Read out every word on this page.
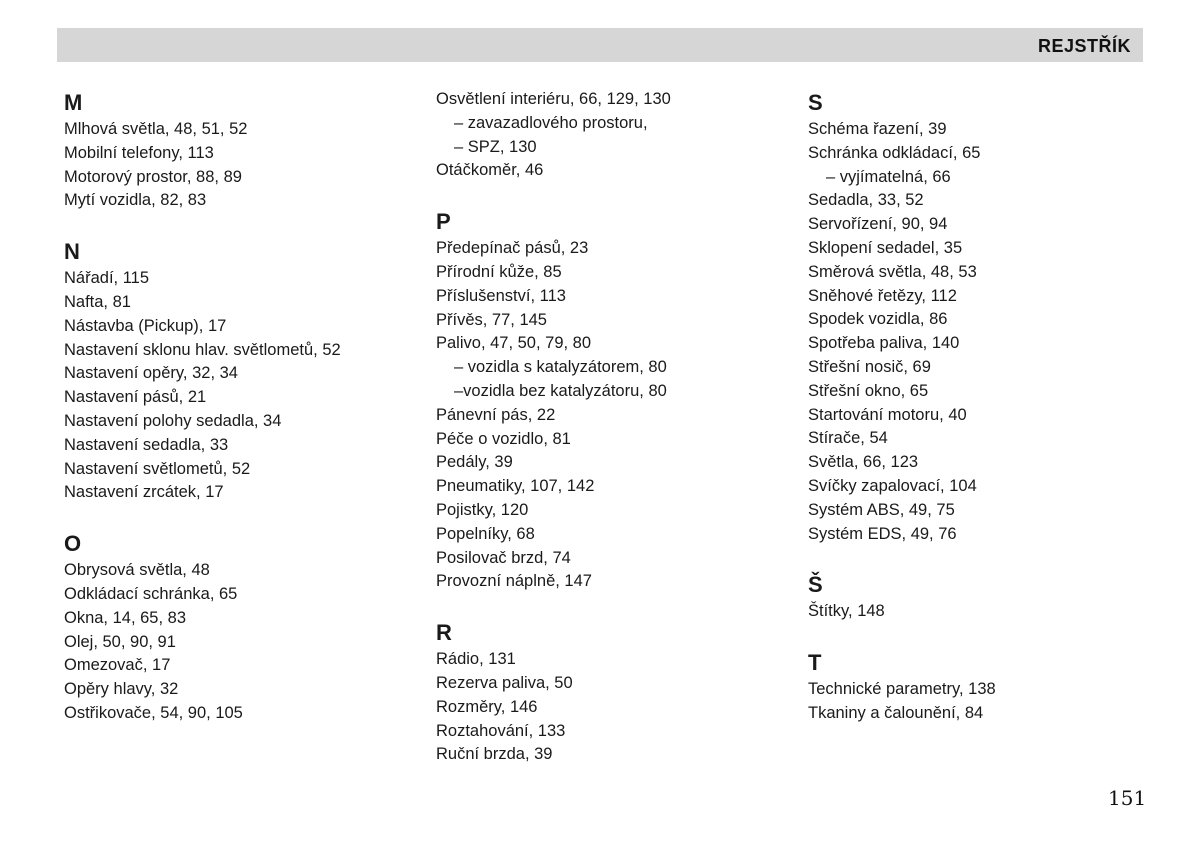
REJSTŘÍK
M
Mlhová světla, 48, 51, 52
Mobilní telefony, 113
Motorový prostor, 88, 89
Mytí vozidla, 82, 83
N
Nářadí, 115
Nafta, 81
Nástavba (Pickup), 17
Nastavení sklonu hlav. světlometů, 52
Nastavení opěry, 32, 34
Nastavení pásů, 21
Nastavení polohy sedadla, 34
Nastavení sedadla, 33
Nastavení světlometů, 52
Nastavení zrcátek, 17
O
Obrysová světla, 48
Odkládací schránka, 65
Okna, 14, 65, 83
Olej, 50, 90, 91
Omezovač, 17
Opěry hlavy, 32
Ostřikovače, 54, 90, 105
Osvětlení interiéru, 66, 129, 130
– zavazadlového prostoru,
– SPZ, 130
Otáčkoměr, 46
P
Předepínač pásů, 23
Přírodní kůže, 85
Příslušenství, 113
Přívěs, 77, 145
Palivo, 47, 50, 79, 80
– vozidla s katalyzátorem, 80
–vozidla bez katalyzátoru, 80
Pánevní pás, 22
Péče o vozidlo, 81
Pedály, 39
Pneumatiky, 107, 142
Pojistky, 120
Popelníky, 68
Posilovač brzd, 74
Provozní náplně, 147
R
Rádio, 131
Rezerva paliva, 50
Rozměry, 146
Roztahování, 133
Ruční brzda, 39
S
Schéma řazení, 39
Schránka odkládací, 65
– vyjímatelná, 66
Sedadla, 33, 52
Servořízení, 90, 94
Sklopení sedadel, 35
Směrová světla, 48, 53
Sněhové řetězy, 112
Spodek vozidla, 86
Spotřeba paliva, 140
Střešní nosič, 69
Střešní okno, 65
Startování motoru, 40
Stírače, 54
Světla, 66, 123
Svíčky zapalovací, 104
Systém ABS, 49, 75
Systém EDS, 49, 76
Š
Štítky, 148
T
Technické parametry, 138
Tkaniny a čalounění, 84
151
